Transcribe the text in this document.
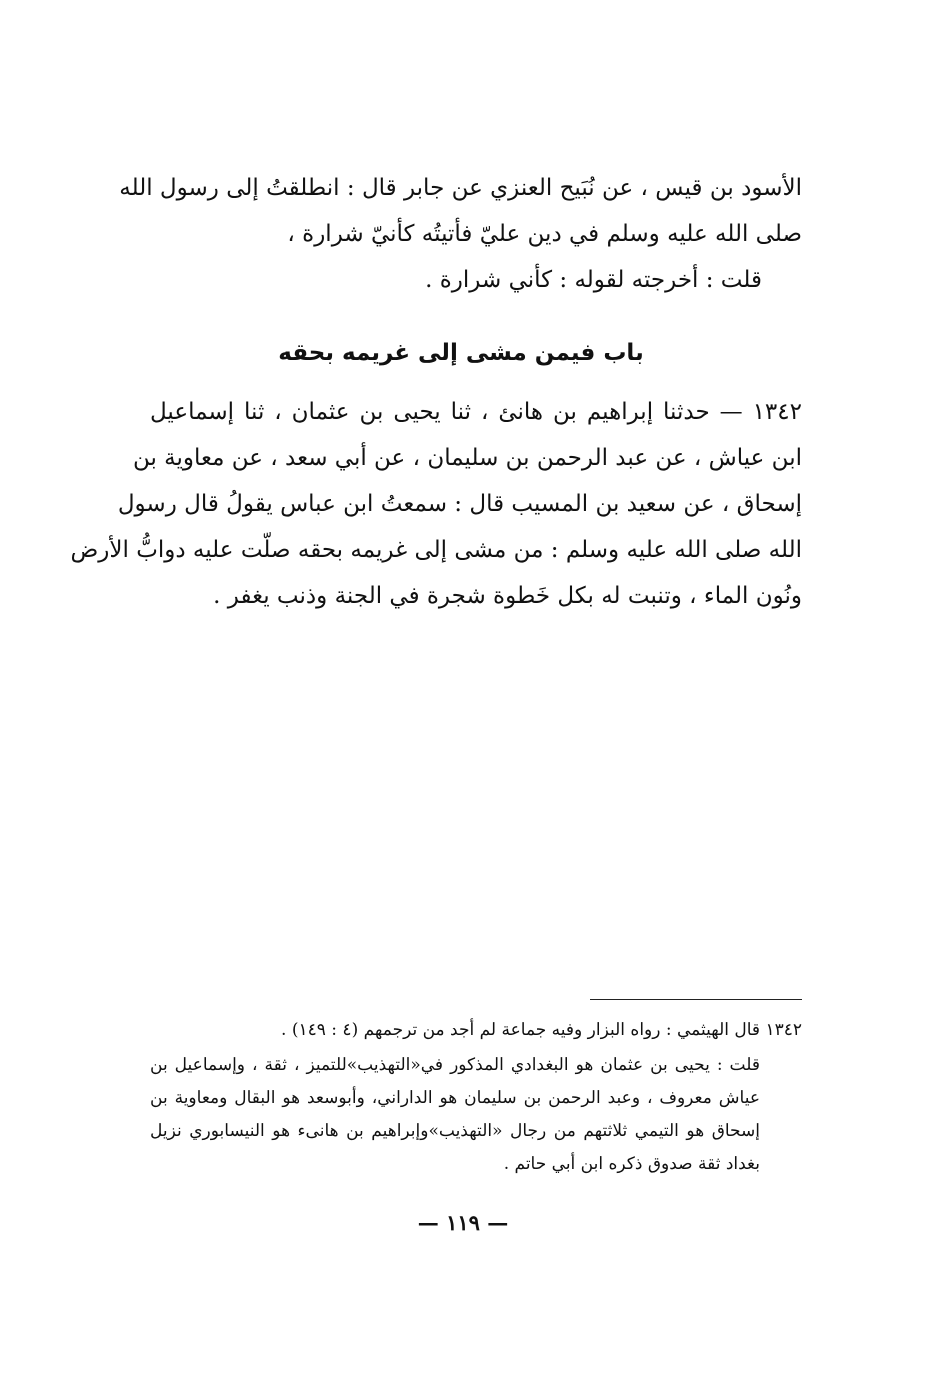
الأسود بن قيس ، عن نُبَيح العنزي عن جابر قال : انطلقتُ إلى رسول الله
صلى الله عليه وسلم في دين عليّ فأتيتُه كأنيّ شرارة ،
قلت : أخرجته لقوله : كأني شرارة .
باب فيمن مشى إلى غريمه بحقه
١٣٤٢ — حدثنا إبراهيم بن هانئ ، ثنا يحيى بن عثمان ، ثنا إسماعيل
ابن عياش ، عن عبد الرحمن بن سليمان ، عن أبي سعد ، عن معاوية بن
إسحاق ، عن سعيد بن المسيب قال : سمعتُ ابن عباس يقولُ قال رسول
الله صلى الله عليه وسلم : من مشى إلى غريمه بحقه صلّت عليه دوابُّ الأرض
ونُون الماء ، وتنبت له بكل خَطوة شجرة في الجنة وذنب يغفر .
١٣٤٢ قال الهيثمي : رواه البزار وفيه جماعة لم أجد من ترجمهم (٤ : ١٤٩) .
قلت : يحيى بن عثمان هو البغدادي المذكور في«التهذيب»للتميز ، ثقة ، وإسماعيل بن
عياش معروف ، وعبد الرحمن بن سليمان هو الداراني، وأبوسعد هو البقال ومعاوية بن
إسحاق هو التيمي ثلاثتهم من رجال «التهذيب»وإبراهيم بن هانىء هو النيسابوري نزيل
بغداد ثقة صدوق ذكره ابن أبي حاتم .
— ١١٩ —
